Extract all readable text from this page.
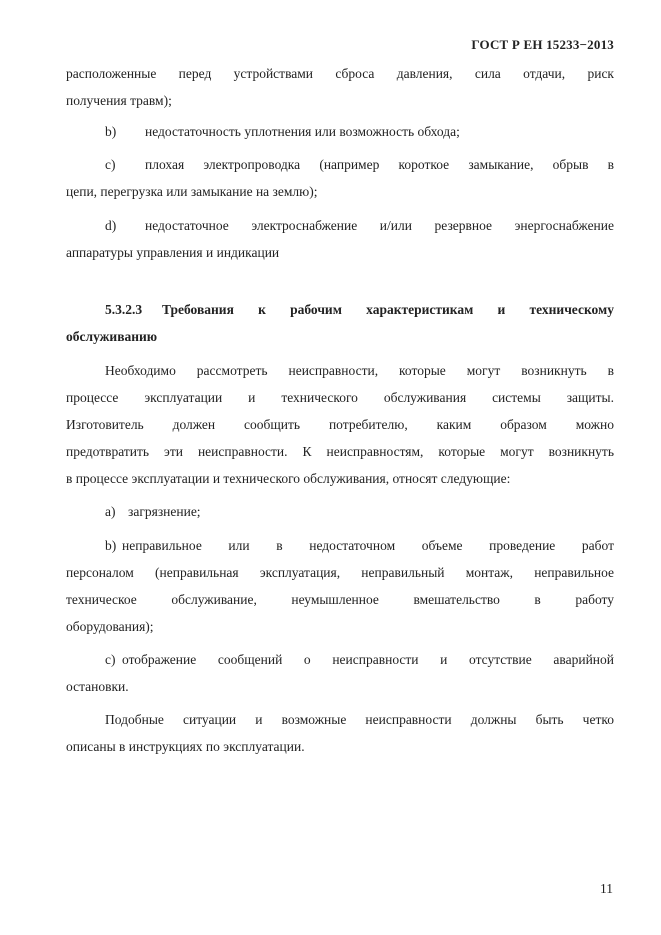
ГОСТ Р ЕН 15233−2013
расположенные перед устройствами сброса давления, сила отдачи, риск
получения травм);
b) недостаточность уплотнения или возможность обхода;
c) плохая электропроводка (например короткое замыкание, обрыв в
цепи, перегрузка или замыкание на землю);
d) недостаточное электроснабжение и/или резервное энергоснабжение
аппаратуры управления и индикации
5.3.2.3 Требования к рабочим характеристикам и техническому
обслуживанию
Необходимо рассмотреть неисправности, которые могут возникнуть в
процессе эксплуатации и технического обслуживания системы защиты.
Изготовитель должен сообщить потребителю, каким образом можно
предотвратить эти неисправности. К неисправностям, которые могут возникнуть
в процессе эксплуатации и технического обслуживания, относят следующие:
a) загрязнение;
b) неправильное или в недостаточном объеме проведение работ
персоналом (неправильная эксплуатация, неправильный монтаж, неправильное
техническое обслуживание, неумышленное вмешательство в работу
оборудования);
c) отображение сообщений о неисправности и отсутствие аварийной
остановки.
Подобные ситуации и возможные неисправности должны быть четко
описаны в инструкциях по эксплуатации.
11
